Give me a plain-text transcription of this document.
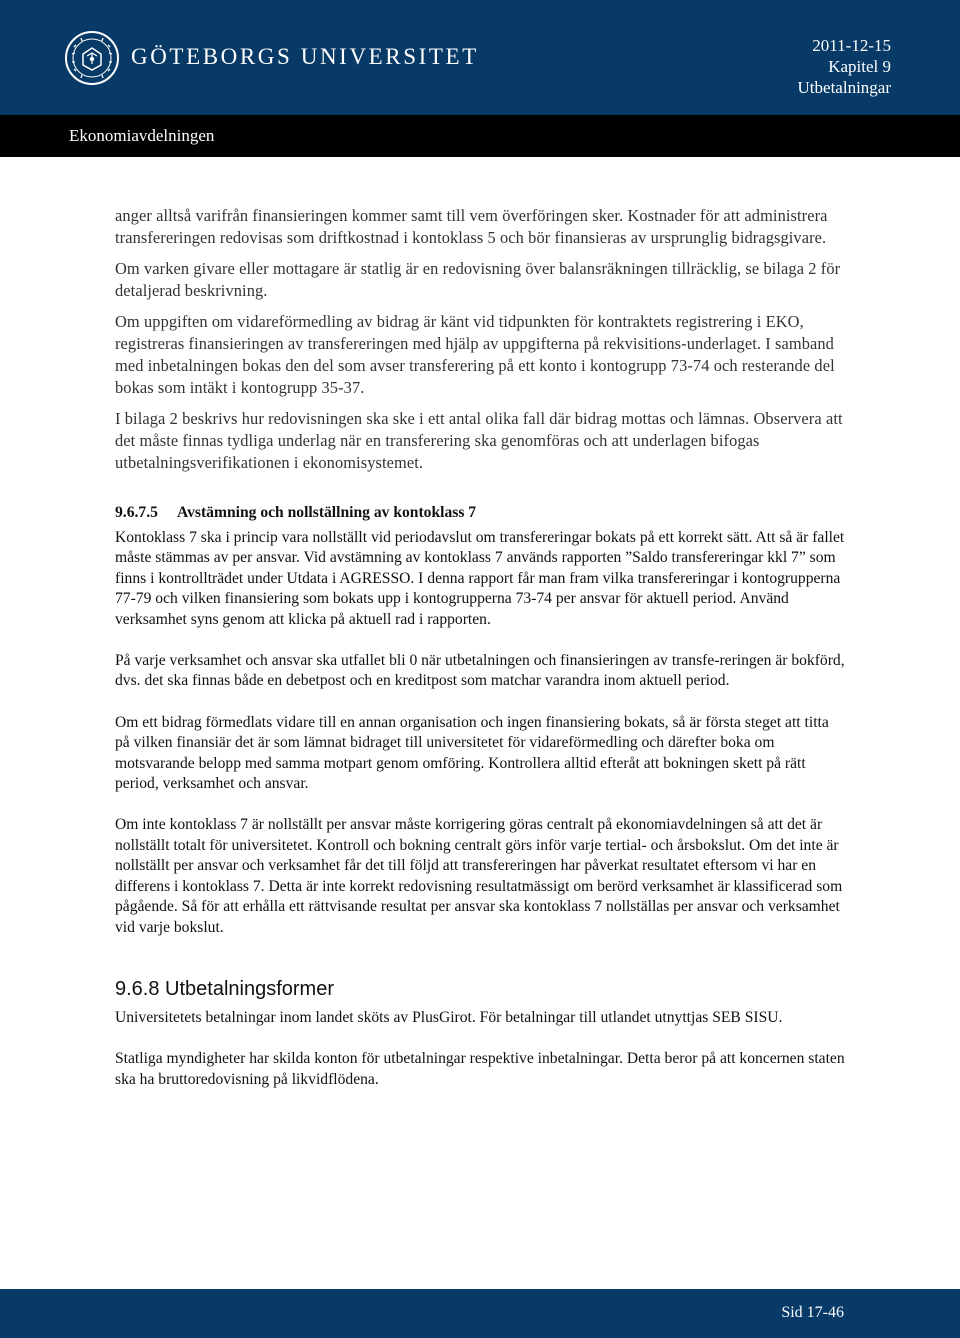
GÖTEBORGS UNIVERSITET	2011-12-15
Kapitel 9
Utbetalningar
Ekonomiavdelningen

anger alltså varifrån finansieringen kommer samt till vem överföringen sker. Kostnader för att administrera transfereringen redovisas som driftkostnad i kontoklass 5 och bör finansieras av ursprunglig bidragsgivare.

Om varken givare eller mottagare är statlig är en redovisning över balansräkningen tillräcklig, se bilaga 2 för detaljerad beskrivning.

Om uppgiften om vidareförmedling av bidrag är känt vid tidpunkten för kontraktets registrering i EKO, registreras finansieringen av transfereringen med hjälp av uppgifterna på rekvisitions-underlaget. I samband med inbetalningen bokas den del som avser transferering på ett konto i kontogrupp 73-74 och resterande del bokas som intäkt i kontogrupp 35-37.

I bilaga 2 beskrivs hur redovisningen ska ske i ett antal olika fall där bidrag mottas och lämnas. Observera att det måste finnas tydliga underlag när en transferering ska genomföras och att underlagen bifogas utbetalningsverifikationen i ekonomisystemet.

9.6.7.5 Avstämning och nollställning av kontoklass 7

Kontoklass 7 ska i princip vara nollställt vid periodavslut om transfereringar bokats på ett korrekt sätt. Att så är fallet måste stämmas av per ansvar. Vid avstämning av kontoklass 7 används rapporten ”Saldo transfereringar kkl 7” som finns i kontrollträdet under Utdata i AGRESSO. I denna rapport får man fram vilka transfereringar i kontogrupperna 77-79 och vilken finansiering som bokats upp i kontogrupperna 73-74 per ansvar för aktuell period. Använd verksamhet syns genom att klicka på aktuell rad i rapporten.

På varje verksamhet och ansvar ska utfallet bli 0 när utbetalningen och finansieringen av transfe-reringen är bokförd, dvs. det ska finnas både en debetpost och en kreditpost som matchar varandra inom aktuell period.

Om ett bidrag förmedlats vidare till en annan organisation och ingen finansiering bokats, så är första steget att titta på vilken finansiär det är som lämnat bidraget till universitetet för vidareförmedling och därefter boka om motsvarande belopp med samma motpart genom omföring. Kontrollera alltid efteråt att bokningen skett på rätt period, verksamhet och ansvar.

Om inte kontoklass 7 är nollställt per ansvar måste korrigering göras centralt på ekonomiavdelningen så att det är nollställt totalt för universitetet. Kontroll och bokning centralt görs inför varje tertial- och årsbokslut. Om det inte är nollställt per ansvar och verksamhet får det till följd att transfereringen har påverkat resultatet eftersom vi har en differens i kontoklass 7. Detta är inte korrekt redovisning resultatmässigt om berörd verksamhet är klassificerad som pågående. Så för att erhålla ett rättvisande resultat per ansvar ska kontoklass 7 nollställas per ansvar och verksamhet vid varje bokslut.

9.6.8 Utbetalningsformer

Universitetets betalningar inom landet sköts av PlusGirot. För betalningar till utlandet utnyttjas SEB SISU.

Statliga myndigheter har skilda konton för utbetalningar respektive inbetalningar. Detta beror på att koncernen staten ska ha bruttoredovisning på likvidflödena.

Sid 17-46
